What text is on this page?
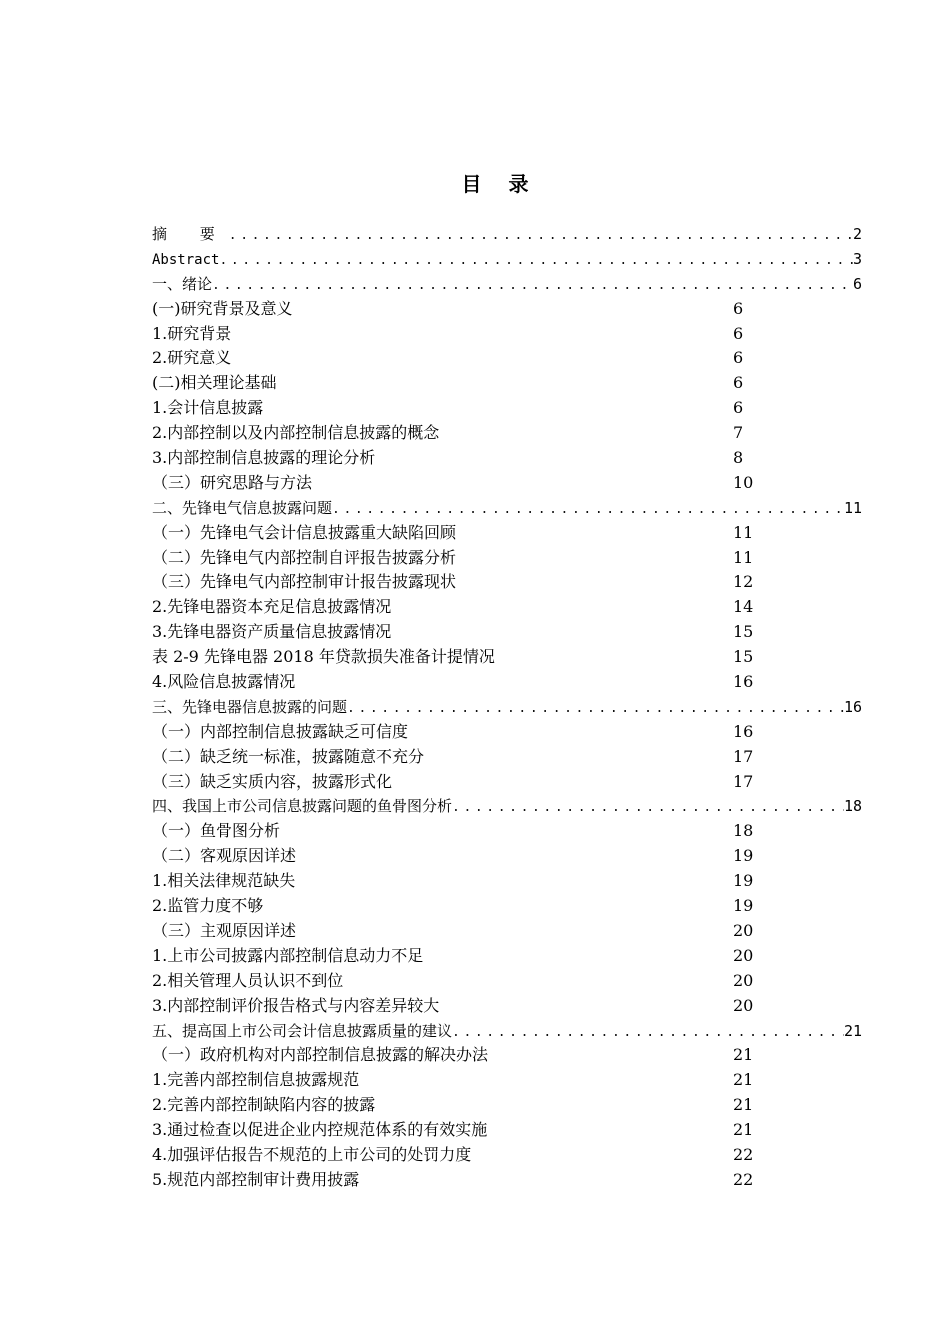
目 录
摘 要 .....	2
Abstract .....	3
一、绪论 .....	6
(一)研究背景及意义	6
1.研究背景	6
2.研究意义	6
(二)相关理论基础	6
1.会计信息披露	6
2.内部控制以及内部控制信息披露的概念	7
3.内部控制信息披露的理论分析	8
（三）研究思路与方法	10
二、先锋电气信息披露问题 .....	11
（一）先锋电气会计信息披露重大缺陷回顾	11
（二）先锋电气内部控制自评报告披露分析	11
（三）先锋电气内部控制审计报告披露现状	12
2.先锋电器资本充足信息披露情况	14
3.先锋电器资产质量信息披露情况	15
表 2-9 先锋电器 2018 年贷款损失准备计提情况	15
4.风险信息披露情况	16
三、先锋电器信息披露的问题 .....	16
（一）内部控制信息披露缺乏可信度	16
（二）缺乏统一标准，披露随意不充分	17
（三）缺乏实质内容，披露形式化	17
四、我国上市公司信息披露问题的鱼骨图分析 .....	18
（一）鱼骨图分析	18
（二）客观原因详述	19
1.相关法律规范缺失	19
2.监管力度不够	19
（三）主观原因详述	20
1.上市公司披露内部控制信息动力不足	20
2.相关管理人员认识不到位	20
3.内部控制评价报告格式与内容差异较大	20
五、提高国上市公司会计信息披露质量的建议 .....	21
（一）政府机构对内部控制信息披露的解决办法	21
1.完善内部控制信息披露规范	21
2.完善内部控制缺陷内容的披露	21
3.通过检查以促进企业内控规范体系的有效实施	21
4.加强评估报告不规范的上市公司的处罚力度	22
5.规范内部控制审计费用披露	22
